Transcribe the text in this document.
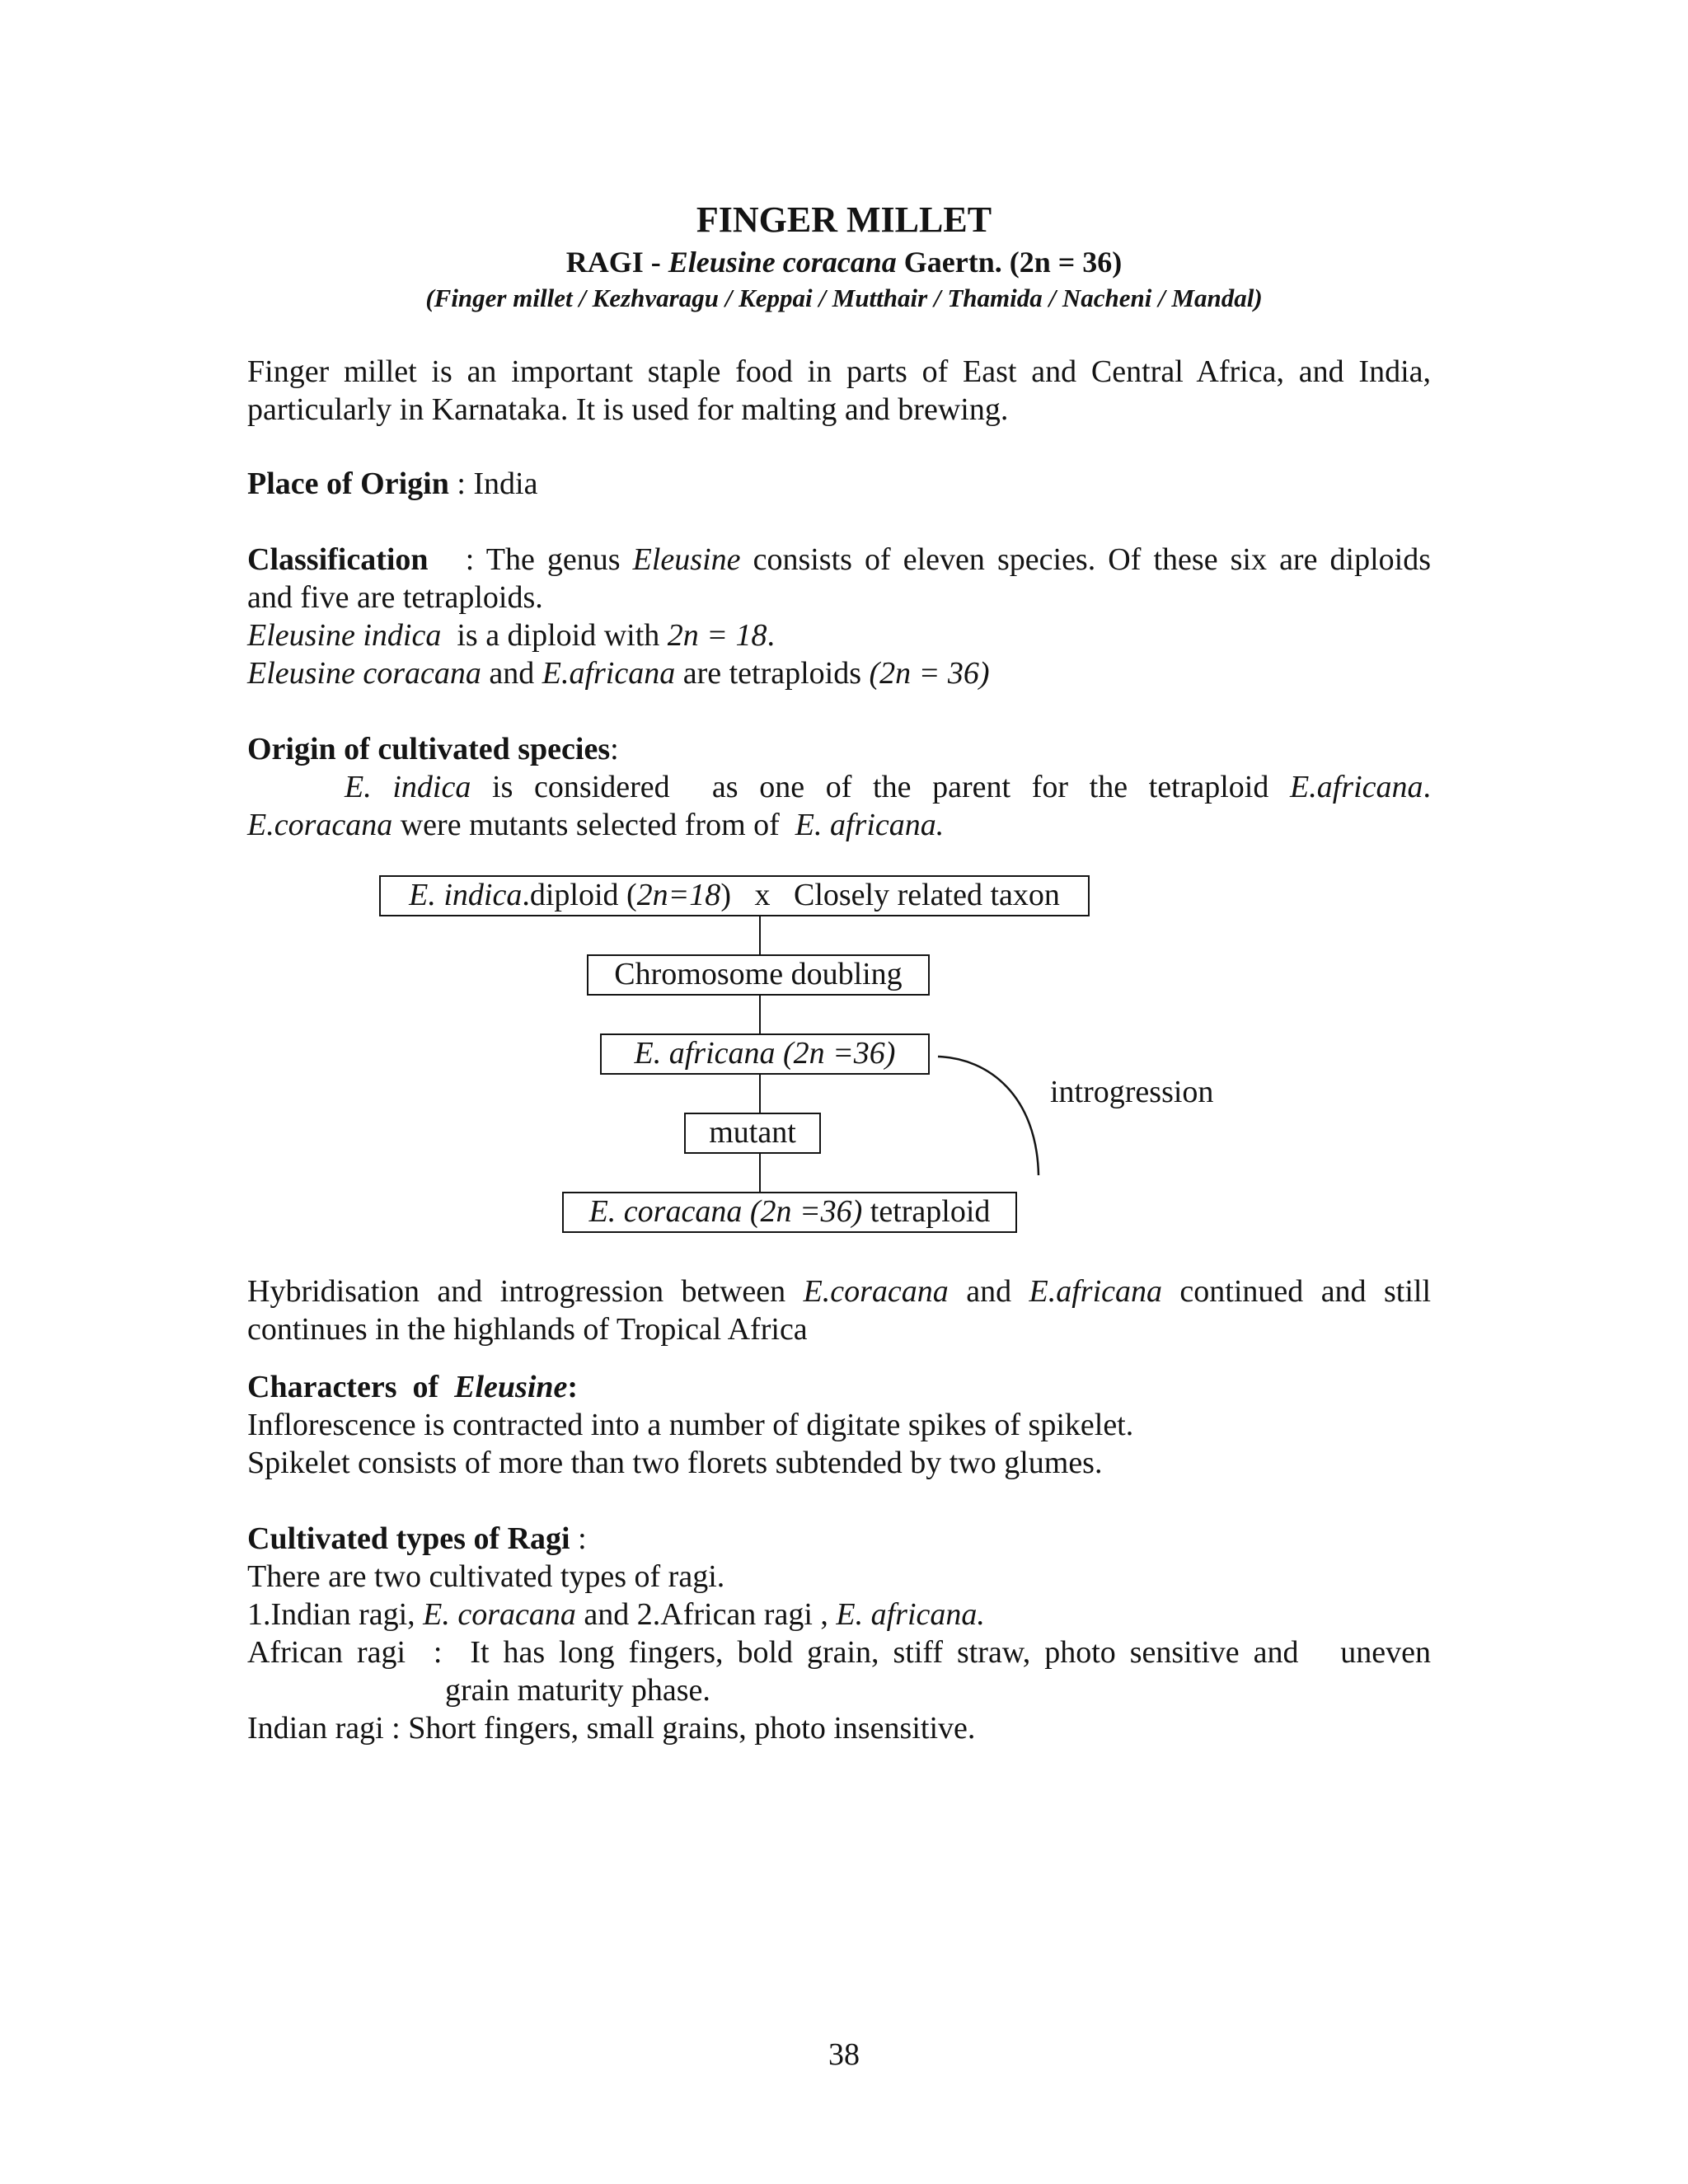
FINGER MILLET
RAGI - Eleusine coracana Gaertn. (2n = 36)
(Finger millet / Kezhvaragu / Keppai / Mutthair / Thamida / Nacheni / Mandal)
Finger millet is an important staple food in parts of East and Central Africa, and India,
particularly in Karnataka. It is used for malting and brewing.
Place of Origin : India
Classification   : The genus Eleusine consists of eleven species. Of these six are diploids
and five are tetraploids.
Eleusine indica  is a diploid with 2n = 18.
Eleusine coracana and E.africana are tetraploids (2n = 36)
Origin of cultivated species:
E. indica is considered  as one of the parent for the tetraploid E.africana.
E.coracana were mutants selected from of  E. africana.
E. indica.diploid (2n=18)   x   Closely related taxon
Chromosome doubling
E. africana (2n =36)
mutant
E. coracana (2n =36) tetraploid
introgression
Hybridisation and introgression between E.coracana and E.africana continued and still
continues in the highlands of Tropical Africa
Characters  of  Eleusine:
Inflorescence is contracted into a number of digitate spikes of spikelet.
Spikelet consists of more than two florets subtended by two glumes.
Cultivated types of Ragi :
There are two cultivated types of ragi.
1.Indian ragi, E. coracana and 2.African ragi , E. africana.
African ragi  :  It has long fingers, bold grain, stiff straw, photo sensitive and   uneven
grain maturity phase.
Indian ragi : Short fingers, small grains, photo insensitive.
38
